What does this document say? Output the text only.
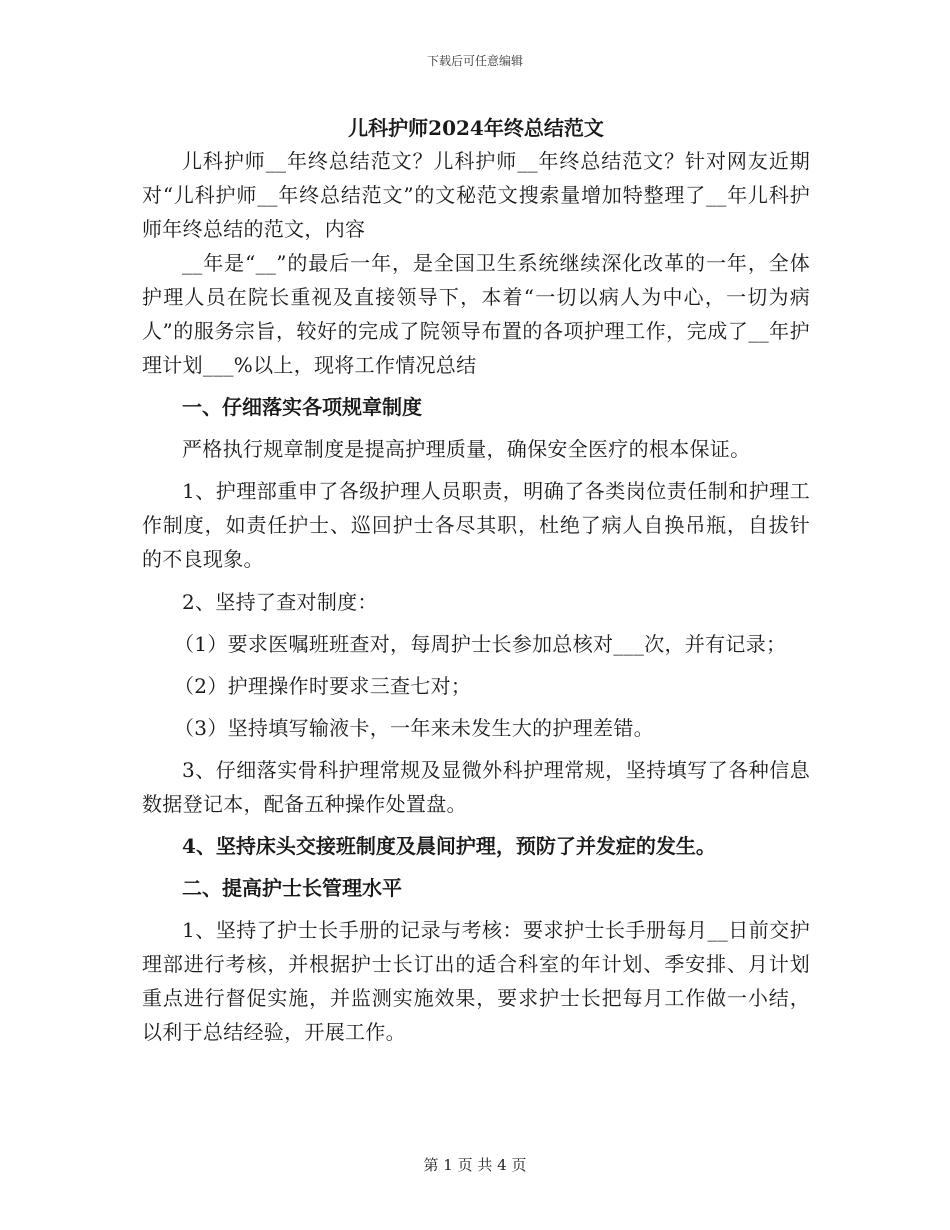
下载后可任意编辑
儿科护师2024年终总结范文

儿科护师__年终总结范文？儿科护师__年终总结范文？针对网友近期对“儿科护师__年终总结范文”的文秘范文搜索量增加特整理了__年儿科护师年终总结的范文，内容

__年是“__”的最后一年，是全国卫生系统继续深化改革的一年，全体护理人员在院长重视及直接领导下，本着“一切以病人为中心，一切为病人”的服务宗旨，较好的完成了院领导布置的各项护理工作，完成了__年护理计划___%以上，现将工作情况总结

一、仔细落实各项规章制度

严格执行规章制度是提高护理质量，确保安全医疗的根本保证。

1、护理部重申了各级护理人员职责，明确了各类岗位责任制和护理工作制度，如责任护士、巡回护士各尽其职，杜绝了病人自换吊瓶，自拔针的不良现象。

2、坚持了查对制度：

（1）要求医嘱班班查对，每周护士长参加总核对___次，并有记录；

（2）护理操作时要求三查七对；

（3）坚持填写输液卡，一年来未发生大的护理差错。

3、仔细落实骨科护理常规及显微外科护理常规，坚持填写了各种信息数据登记本，配备五种操作处置盘。

4、坚持床头交接班制度及晨间护理，预防了并发症的发生。

二、提高护士长管理水平

1、坚持了护士长手册的记录与考核：要求护士长手册每月__日前交护理部进行考核，并根据护士长订出的适合科室的年计划、季安排、月计划重点进行督促实施，并监测实施效果，要求护士长把每月工作做一小结，以利于总结经验，开展工作。

第 1 页 共 4 页
